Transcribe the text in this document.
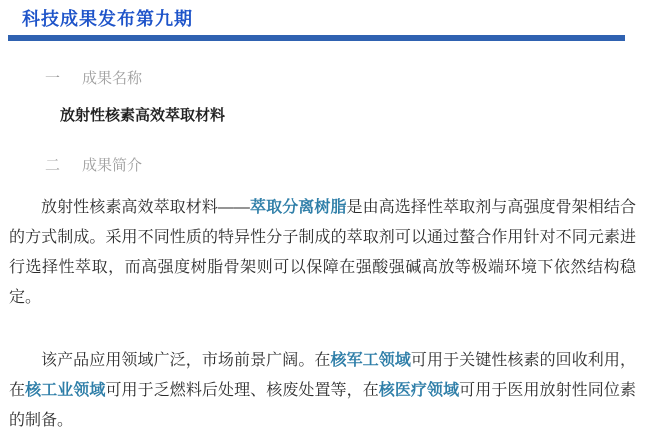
科技成果发布第九期
一 成果名称

放射性核素高效萃取材料

二 成果简介

放射性核素高效萃取材料——萃取分离树脂是由高选择性萃取剂与高强度骨架相结合的方式制成。采用不同性质的特异性分子制成的萃取剂可以通过螯合作用针对不同元素进行选择性萃取，而高强度树脂骨架则可以保障在强酸强碱高放等极端环境下依然结构稳定。

该产品应用领域广泛，市场前景广阔。在核军工领域可用于关键性核素的回收利用，在核工业领域可用于乏燃料后处理、核废处置等，在核医疗领域可用于医用放射性同位素的制备。
